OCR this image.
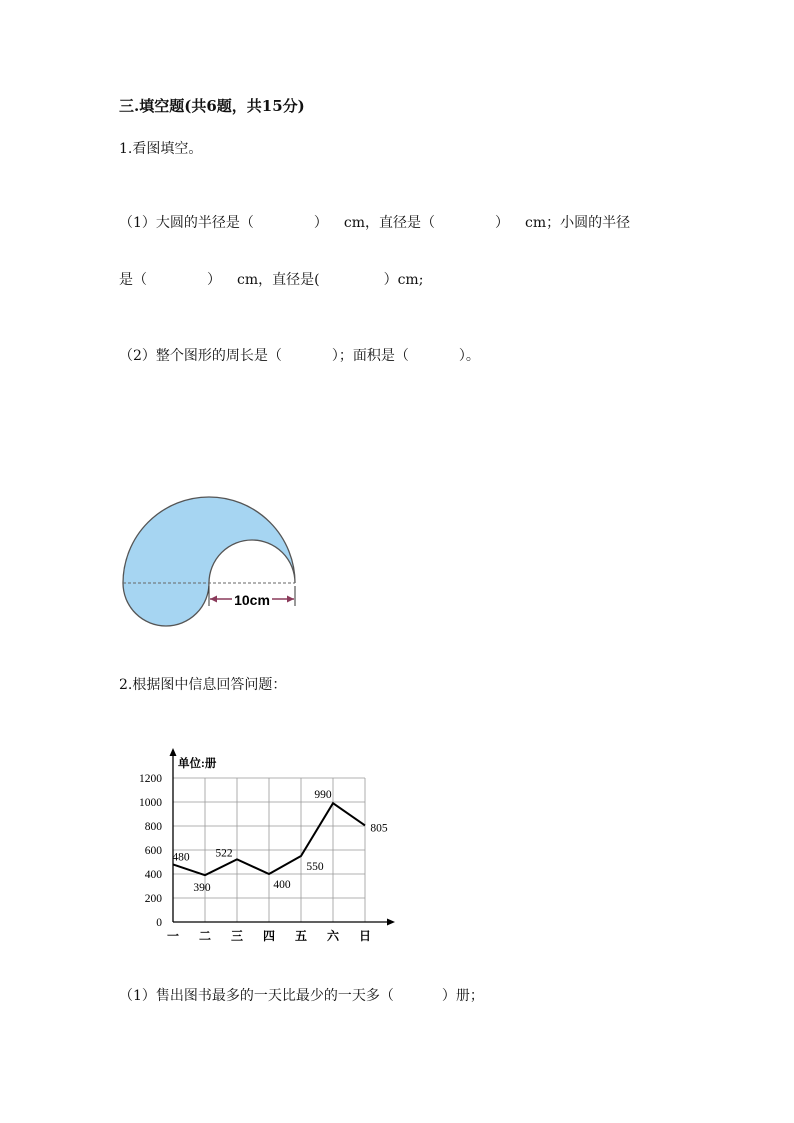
三.填空题(共6题，共15分)
1.看图填空。
（1）大圆的半径是（	） cm，直径是（	） cm；小圆的半径
是（	） cm，直径是(	）cm;
（2）整个图形的周长是（	）；面积是（	）。
10cm
2.根据图中信息回答问题：
0
200
400
600
800
1000
1200
一 二 三 四 五 六 日
480
390
522
400
550
990
805
单位:册
（1）售出图书最多的一天比最少的一天多（	）册；
